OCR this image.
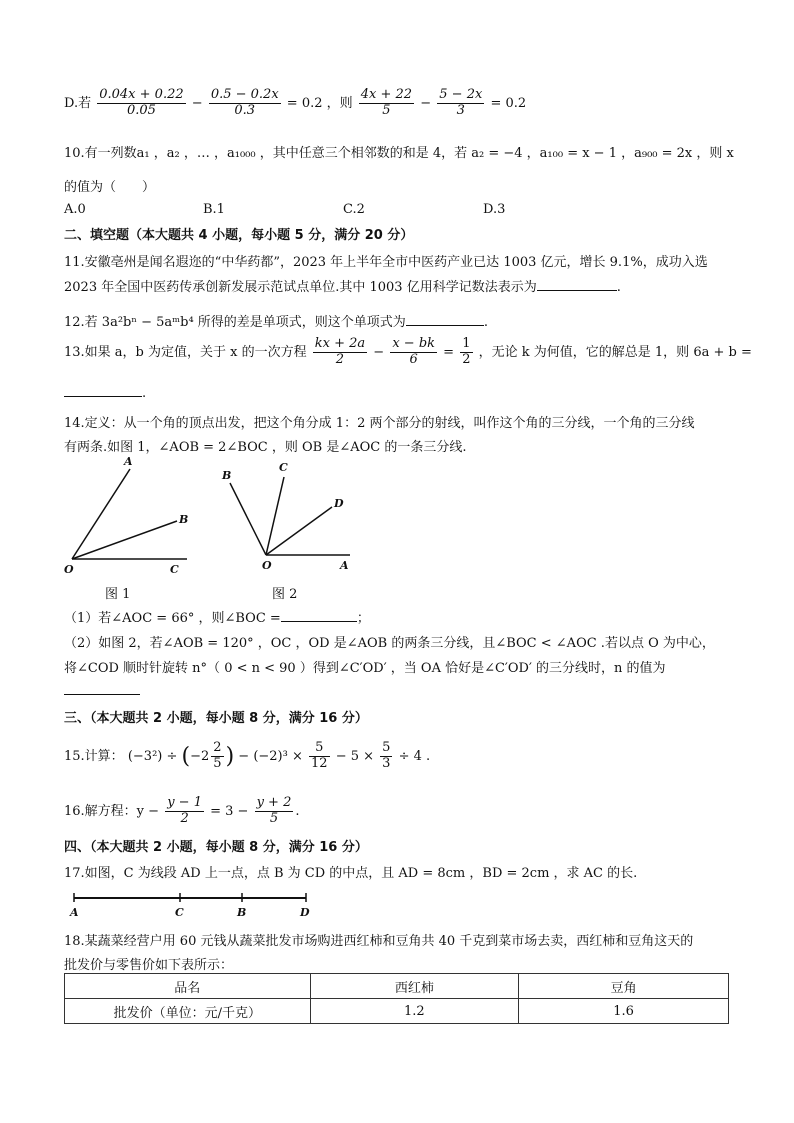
D.若 $\frac{0.04x + 0.22}{0.05} - \frac{0.5 - 0.2x}{0.3} = 0.2$ ，则 $\frac{4x + 22}{5} - \frac{5 - 2x}{3} = 0.2$
10.有一列数a₁ ，a₂ ，… ，a₁₀₀₀ ，其中任意三个相邻数的和是 4，若 a₂ = −4 ，a₁₀₀ = x − 1 ，a₉₀₀ = 2x ，则 x
的值为（　　）
A.0	B.1	C.2	D.3
二、填空题（本大题共 4 小题，每小题 5 分，满分 20 分）
11.安徽亳州是闻名遐迩的“中华药都”，2023 年上半年全市中医药产业已达 1003 亿元，增长 9.1%，成功入选
2023 年全国中医药传承创新发展示范试点单位.其中 1003 亿用科学记数法表示为	.
12.若 3a²bⁿ − 5aᵐb⁴ 所得的差是单项式，则这个单项式为	.
13.如果 a，b 为定值，关于 x 的一次方程 $\frac{kx + 2a}{2} - \frac{x - bk}{6} = \frac{1}{2}$ ，无论 k 为何值，它的解总是 1，则 6a + b =
.
14.定义：从一个角的顶点出发，把这个角分成 1：2 两个部分的射线，叫作这个角的三分线，一个角的三分线
有两条.如图 1，∠AOB = 2∠BOC ，则 OB 是∠AOC 的一条三分线.
A
B
O	C
图 1
B
C
D
O	A
图 2
（1）若∠AOC = 66° ，则∠BOC =	；
（2）如图 2，若∠AOB = 120° ，OC ，OD 是∠AOB 的两条三分线，且∠BOC < ∠AOC .若以点 O 为中心，
将∠COD 顺时针旋转 n°（ 0 < n < 90 ）得到∠C′OD′ ，当 OA 恰好是∠C′OD′ 的三分线时，n 的值为
三、（本大题共 2 小题，每小题 8 分，满分 16 分）
15.计算： $(-3^2) \div (-2 \frac{2}{5}$ ) − $(-2)^3 \times \frac{5}{12} - 5 \times \frac{5}{3} \div 4$ .
16.解方程：$y - \frac{y - 1}{2} = 3 - \frac{y + 2}{5}$ .
四、（本大题共 2 小题，每小题 8 分，满分 16 分）
17.如图，C 为线段 AD 上一点，点 B 为 CD 的中点，且 AD = 8cm ，BD = 2cm ，求 AC 的长.
A	C	B	D
18.某蔬菜经营户用 60 元钱从蔬菜批发市场购进西红柿和豆角共 40 千克到菜市场去卖，西红柿和豆角这天的
批发价与零售价如下表所示：
品名	西红柿	豆角
批发价（单位：元/千克）	1.2	1.6
